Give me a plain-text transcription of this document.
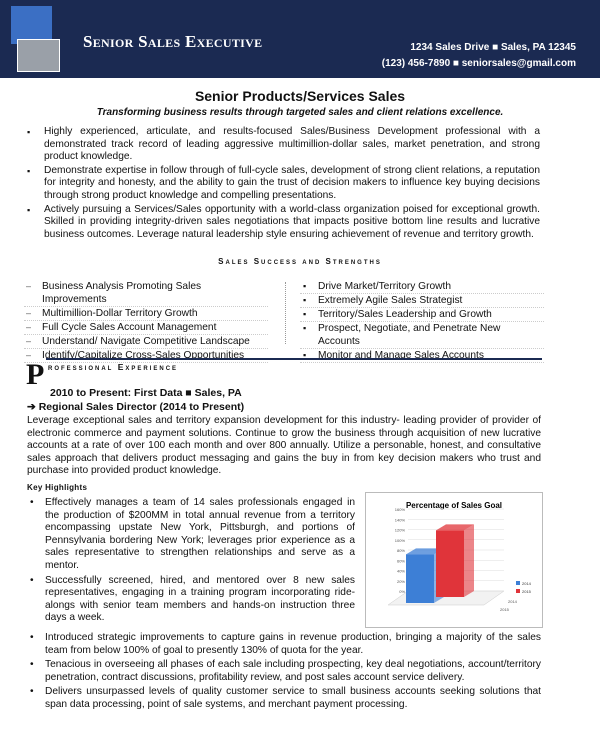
Senior Sales Executive	1234 Sales Drive ■ Sales, PA 12345
(123) 456-7890 ■ seniorsales@gmail.com
Senior Products/Services Sales
Transforming business results through targeted sales and client relations excellence.
▪ Highly experienced, articulate, and results-focused Sales/Business Development professional with a demonstrated track record of leading aggressive multimillion-dollar sales, market penetration, and strong product knowledge.
▪ Demonstrate expertise in follow through of full-cycle sales, development of strong client relations, a reputation for integrity and honesty, and the ability to gain the trust of decision makers to influence key buying decisions through strong product knowledge and compelling presentations.
▪ Actively pursuing a Services/Sales opportunity with a world-class organization poised for exceptional growth. Skilled in providing integrity-driven sales negotiations that impacts positive bottom line results and lucrative business outcomes. Leverage natural leadership style ensuring achievement of revenue and territory growth.
Sales Success and Strengths
– Business Analysis Promoting Sales Improvements
– Multimillion-Dollar Territory Growth
– Full Cycle Sales Account Management
– Understand/ Navigate Competitive Landscape
– Identify/Capitalize Cross-Sales Opportunities
▪ Drive Market/Territory Growth
▪ Extremely Agile Sales Strategist
▪ Territory/Sales Leadership and Growth
▪ Prospect, Negotiate, and Penetrate New Accounts
▪ Monitor and Manage Sales Accounts
P rofessional Experience
2010 to Present: First Data ■ Sales, PA
➔ Regional Sales Director (2014 to Present)
Leverage exceptional sales and territory expansion development for this industry- leading provider of provider of electronic commerce and payment solutions. Continue to grow the business through acquisition of new lucrative accounts at a rate of over 100 each month and over 800 annually. Utilize a personable, honest, and consultative sales approach that delivers product messaging and gains the buy in from key decision makers who trust and purchase into provided product knowledge.
Key Highlights
• Effectively manages a team of 14 sales professionals engaged in the production of $200MM in total annual revenue from a territory encompassing upstate New York, Pittsburgh, and portions of Pennsylvania bordering New York; leverages prior experience as a sales representative to strengthen relationships and serve as a mentor.
• Successfully screened, hired, and mentored over 8 new sales representatives, engaging in a training program incorporating ride-alongs with senior team members and hands-on instruction three days a week.
Percentage of Sales Goal
160%
140%
120%
100%
80%
60%
40%
20%
0%
2014
2015
2014
2015
• Introduced strategic improvements to capture gains in revenue production, bringing a majority of the sales team from below 100% of goal to presently 130% of quota for the year.
• Tenacious in overseeing all phases of each sale including prospecting, key deal negotiations, account/territory penetration, contract discussions, profitability review, and post sales account service delivery.
• Delivers unsurpassed levels of quality customer service to small business accounts seeking solutions that span data processing, point of sale systems, and merchant payment processing.
